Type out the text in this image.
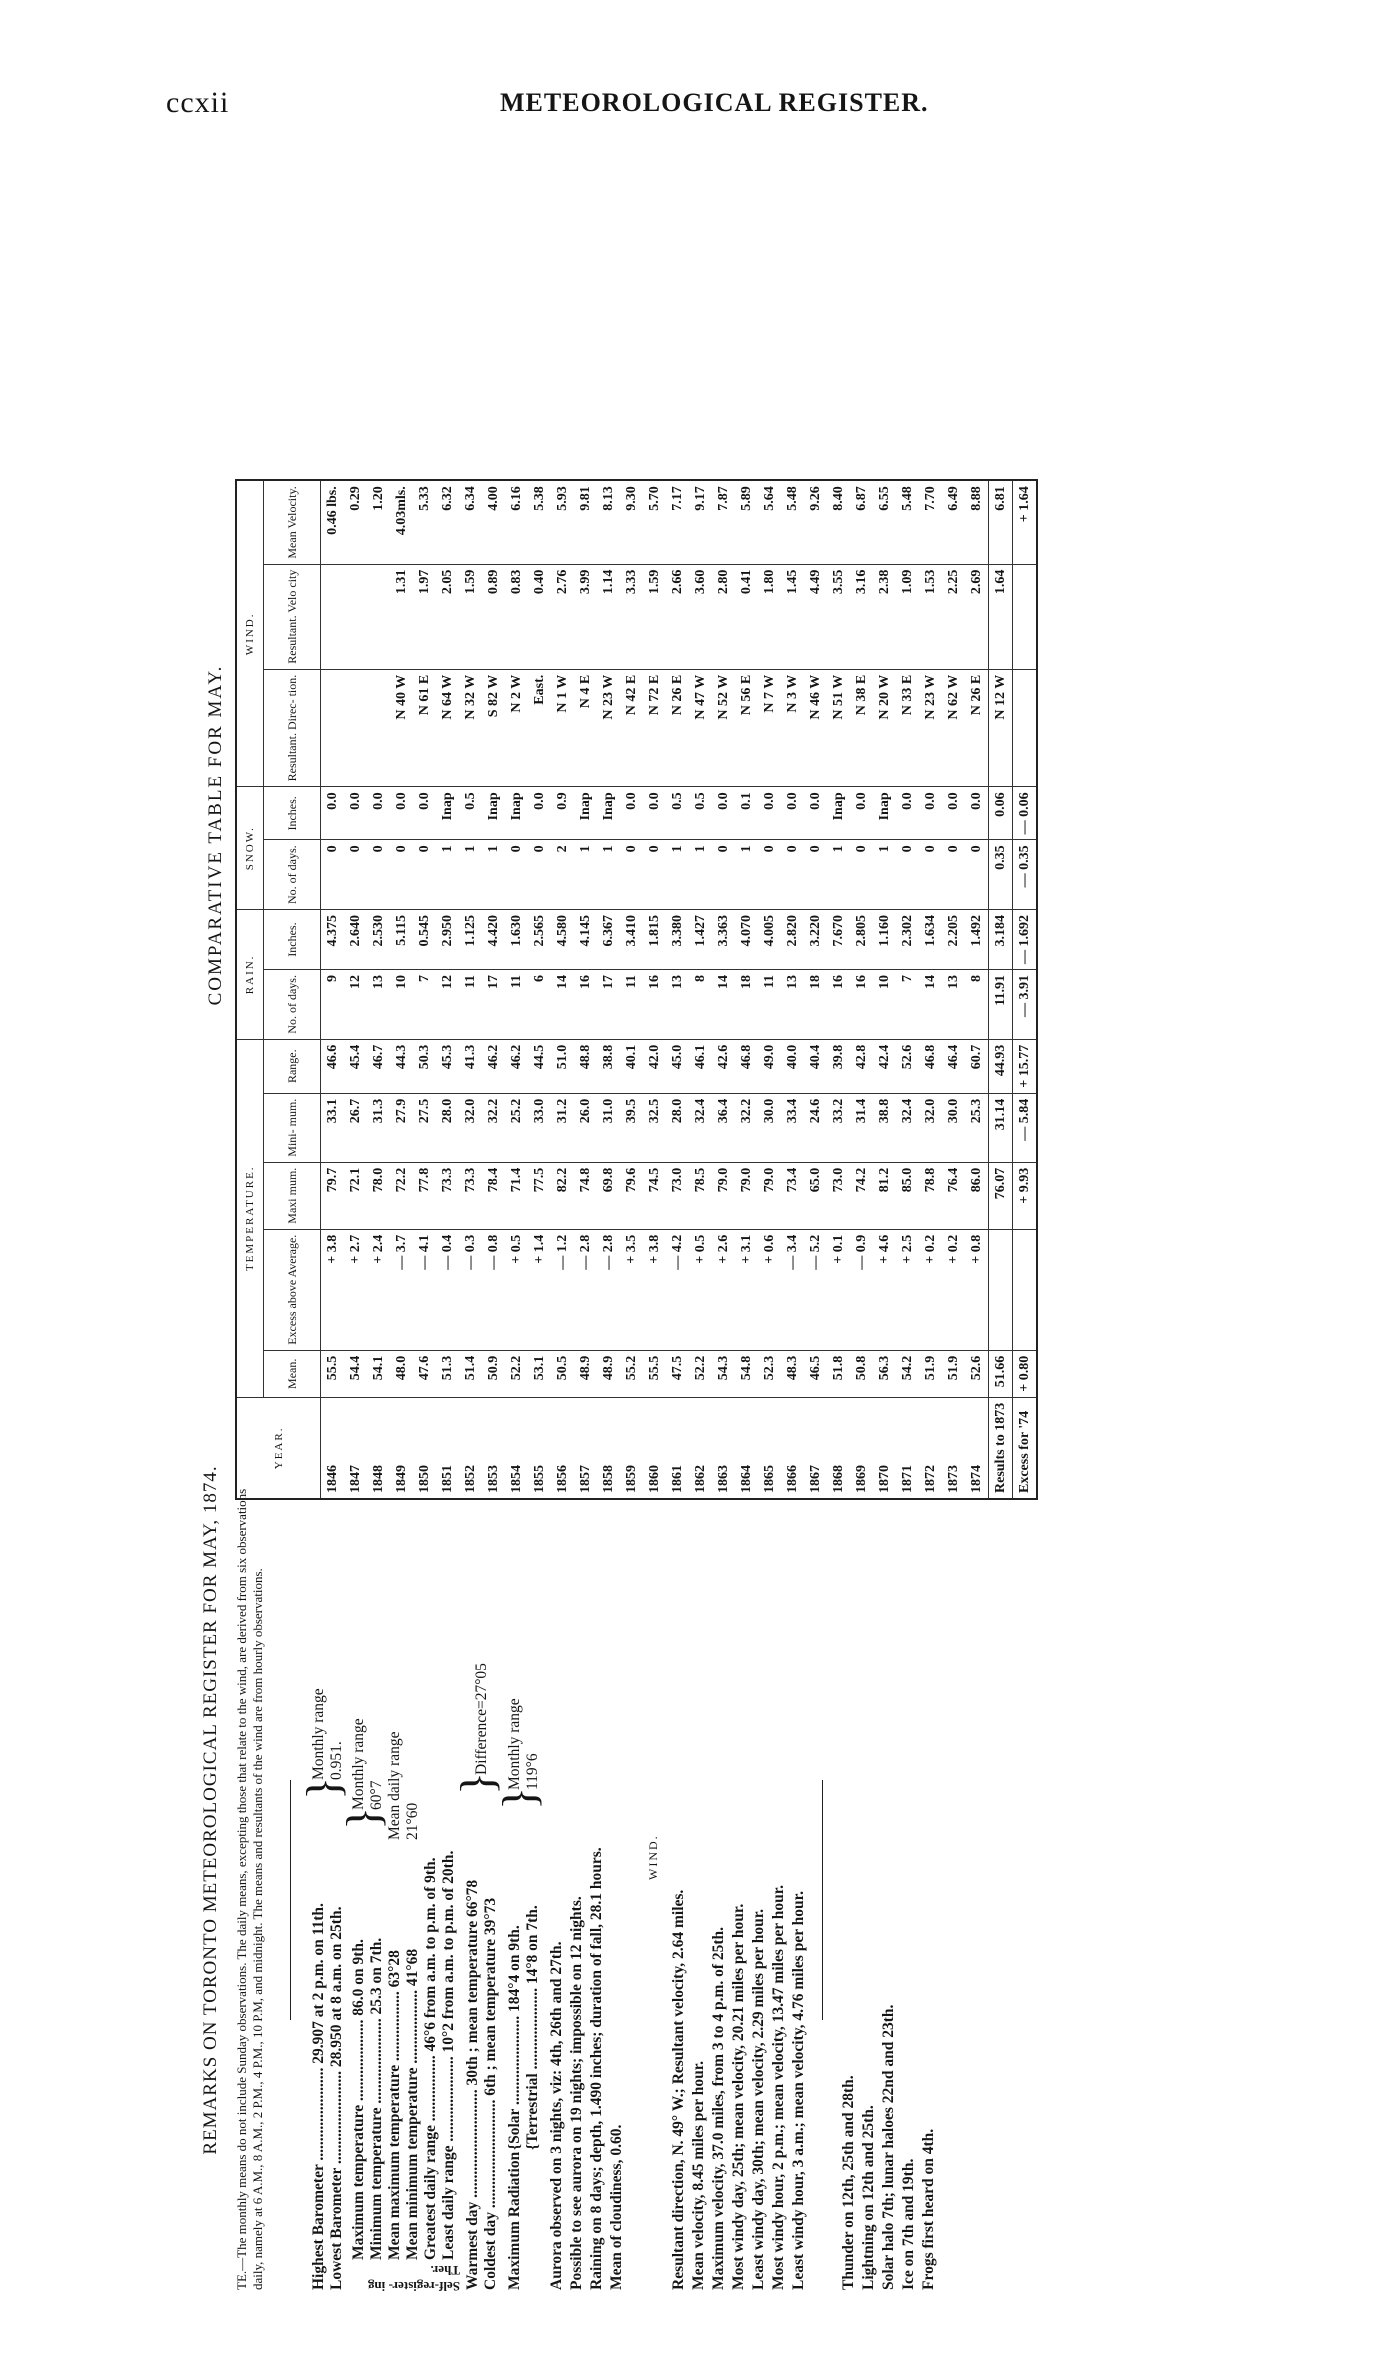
ccxii	METEOROLOGICAL REGISTER.
REMARKS ON TORONTO METEOROLOGICAL REGISTER FOR MAY, 1874. TE.—The monthly means do not include Sunday observations. The daily means, excepting those that relate to the wind, are derived from six observations daily, namely at 6 A.M., 8 A.M., 2 P.M., 4 P.M., 10 P.M, and midnight. The means and resultants of the wind are from hourly observations.	Highest Barometer ........................ 29.907 at 2 p.m. on 11th.
Lowest Barometer ........................ 28.950 at 8 a.m. on 25th.
}
Monthly range
0.951.
Self-register- ing Ther.
Maximum temperature ..................... 86.0 on 9th.
Minimum temperature ...................... 25.3 on 7th.
}
Monthly range
60°7
Mean maximum temperature .................. 63°28
Mean minimum temperature ................... 41°68
Mean daily range
21°60
Greatest daily range ................. 46°6 from a.m. to p.m. of 9th.
Least daily range ...................... 10°2 from a.m. to p.m. of 20th.
Warmest day ............................ 30th ; mean temperature 66°78
Coldest day ............................ 6th ; mean temperature 39°73
}
Difference=27°05
Maximum Radiation
{Solar ....................... 184°4 on 9th.
{Terrestrial ..................... 14°8 on 7th.
}
Monthly range
119°6
Aurora observed on 3 nights, viz: 4th, 26th and 27th. Possible to see aurora on 19 nights; impossible on 12 nights. Raining on 8 days; depth, 1.490 inches; duration of fall, 28.1 hours. Mean of cloudiness, 0.60.
WIND.
Resultant direction, N. 49° W.; Resultant velocity, 2.64 miles. Mean velocity, 8.45 miles per hour. Maximum velocity, 37.0 miles, from 3 to 4 p.m. of 25th. Most windy day, 25th; mean velocity, 20.21 miles per hour. Least windy day, 30th; mean velocity, 2.29 miles per hour. Most windy hour, 2 p.m.; mean velocity, 13.47 miles per hour. Least windy hour, 3 a.m.; mean velocity, 4.76 miles per hour. Thunder on 12th, 25th and 28th. Lightning on 12th and 25th. Solar halo 7th; lunar haloes 22nd and 23th. Ice on 7th and 19th. Frogs first heard on 4th.
COMPARATIVE TABLE FOR MAY.
YEAR.	TEMPERATURE.					RAIN.		SNOW.		WIND.		
	Mean.	Excess above Average.	Maxi mum.	Mini- mum.	Range.	No. of days.	Inches.	No. of days.	Inches.	Resultant. Direc- tion.	Resultant. Velo city	Mean Velocity.
1846	55.5	+ 3.8	79.7	33.1	46.6	9	4.375	0	0.0			0.46 lbs.
1847	54.4	+ 2.7	72.1	26.7	45.4	12	2.640	0	0.0			0.29
1848	54.1	+ 2.4	78.0	31.3	46.7	13	2.530	0	0.0			1.20
1849	48.0	— 3.7	72.2	27.9	44.3	10	5.115	0	0.0	N 40 W	1.31	4.03mls.
1850	47.6	— 4.1	77.8	27.5	50.3	7	0.545	0	0.0	N 61 E	1.97	5.33
1851	51.3	— 0.4	73.3	28.0	45.3	12	2.950	1	Inap	N 64 W	2.05	6.32
1852	51.4	— 0.3	73.3	32.0	41.3	11	1.125	1	0.5	N 32 W	1.59	6.34
1853	50.9	— 0.8	78.4	32.2	46.2	17	4.420	1	Inap	S 82 W	0.89	4.00
1854	52.2	+ 0.5	71.4	25.2	46.2	11	1.630	0	Inap	N 2 W	0.83	6.16
1855	53.1	+ 1.4	77.5	33.0	44.5	6	2.565	0	0.0	East.	0.40	5.38
1856	50.5	— 1.2	82.2	31.2	51.0	14	4.580	2	0.9	N 1 W	2.76	5.93
1857	48.9	— 2.8	74.8	26.0	48.8	16	4.145	1	Inap	N 4 E	3.99	9.81
1858	48.9	— 2.8	69.8	31.0	38.8	17	6.367	1	Inap	N 23 W	1.14	8.13
1859	55.2	+ 3.5	79.6	39.5	40.1	11	3.410	0	0.0	N 42 E	3.33	9.30
1860	55.5	+ 3.8	74.5	32.5	42.0	16	1.815	0	0.0	N 72 E	1.59	5.70
1861	47.5	— 4.2	73.0	28.0	45.0	13	3.380	1	0.5	N 26 E	2.66	7.17
1862	52.2	+ 0.5	78.5	32.4	46.1	8	1.427	1	0.5	N 47 W	3.60	9.17
1863	54.3	+ 2.6	79.0	36.4	42.6	14	3.363	0	0.0	N 52 W	2.80	7.87
1864	54.8	+ 3.1	79.0	32.2	46.8	18	4.070	1	0.1	N 56 E	0.41	5.89
1865	52.3	+ 0.6	79.0	30.0	49.0	11	4.005	0	0.0	N 7 W	1.80	5.64
1866	48.3	— 3.4	73.4	33.4	40.0	13	2.820	0	0.0	N 3 W	1.45	5.48
1867	46.5	— 5.2	65.0	24.6	40.4	18	3.220	0	0.0	N 46 W	4.49	9.26
1868	51.8	+ 0.1	73.0	33.2	39.8	16	7.670	1	Inap	N 51 W	3.55	8.40
1869	50.8	— 0.9	74.2	31.4	42.8	16	2.805	0	0.0	N 38 E	3.16	6.87
1870	56.3	+ 4.6	81.2	38.8	42.4	10	1.160	1	Inap	N 20 W	2.38	6.55
1871	54.2	+ 2.5	85.0	32.4	52.6	7	2.302	0	0.0	N 33 E	1.09	5.48
1872	51.9	+ 0.2	78.8	32.0	46.8	14	1.634	0	0.0	N 23 W	1.53	7.70
1873	51.9	+ 0.2	76.4	30.0	46.4	13	2.205	0	0.0	N 62 W	2.25	6.49
1874	52.6	+ 0.8	86.0	25.3	60.7	8	1.492	0	0.0	N 26 E	2.69	8.88
Results to 1873	51.66		76.07	31.14	44.93	11.91	3.184	0.35	0.06	N 12 W	1.64	6.81
Excess for '74	+ 0.80		+ 9.93	— 5.84	+ 15.77	— 3.91	— 1.692	— 0.35	— 0.06			+ 1.64
